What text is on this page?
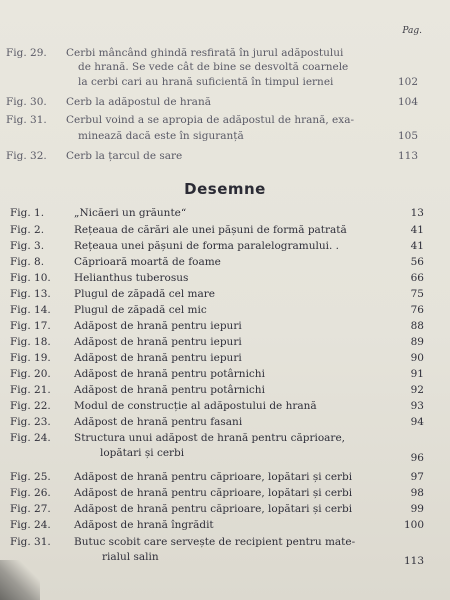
Pag.
Fig. 29.	Cerbi mâncând ghindă resfirată în jurul adăpostului
de hrană. Se vede cât de bine se desvoltă coarnele
la cerbi cari au hrană suficientă în timpul iernei	102
Fig. 30.	Cerb la adăpostul de hrană	104
Fig. 31.	Cerbul voind a se apropia de adăpostul de hrană, exa-
minează dacă este în siguranță	105
Fig. 32.	Cerb la țarcul de sare	113
Desemne
Fig. 1.	„Nicăeri un grăunte“	13
Fig. 2.	Rețeaua de cărări ale unei pășuni de formă patrată	41
Fig. 3.	Rețeaua unei pășuni de forma paralelogramului. .	41
Fig. 8.	Căprioară moartă de foame	56
Fig. 10.	Helianthus tuberosus	66
Fig. 13.	Plugul de zăpadă cel mare	75
Fig. 14.	Plugul de zăpadă cel mic	76
Fig. 17.	Adăpost de hrană pentru iepuri	88
Fig. 18.	Adăpost de hrană pentru iepuri	89
Fig. 19.	Adăpost de hrană pentru iepuri	90
Fig. 20.	Adăpost de hrană pentru potârnichi	91
Fig. 21.	Adăpost de hrană pentru potârnichi	92
Fig. 22.	Modul de construcție al adăpostului de hrană	93
Fig. 23.	Adăpost de hrană pentru fasani	94
Fig. 24.	Structura unui adăpost de hrană pentru căprioare,
lopătari și cerbi	96
Fig. 25.	Adăpost de hrană pentru căprioare, lopătari și cerbi	97
Fig. 26.	Adăpost de hrană pentru căprioare, lopătari și cerbi	98
Fig. 27.	Adăpost de hrană pentru căprioare, lopătari și cerbi	99
Fig. 24.	Adăpost de hrană îngrădit	100
Fig. 31.	Butuc scobit care servește de recipient pentru mate-
rialul salin	113
